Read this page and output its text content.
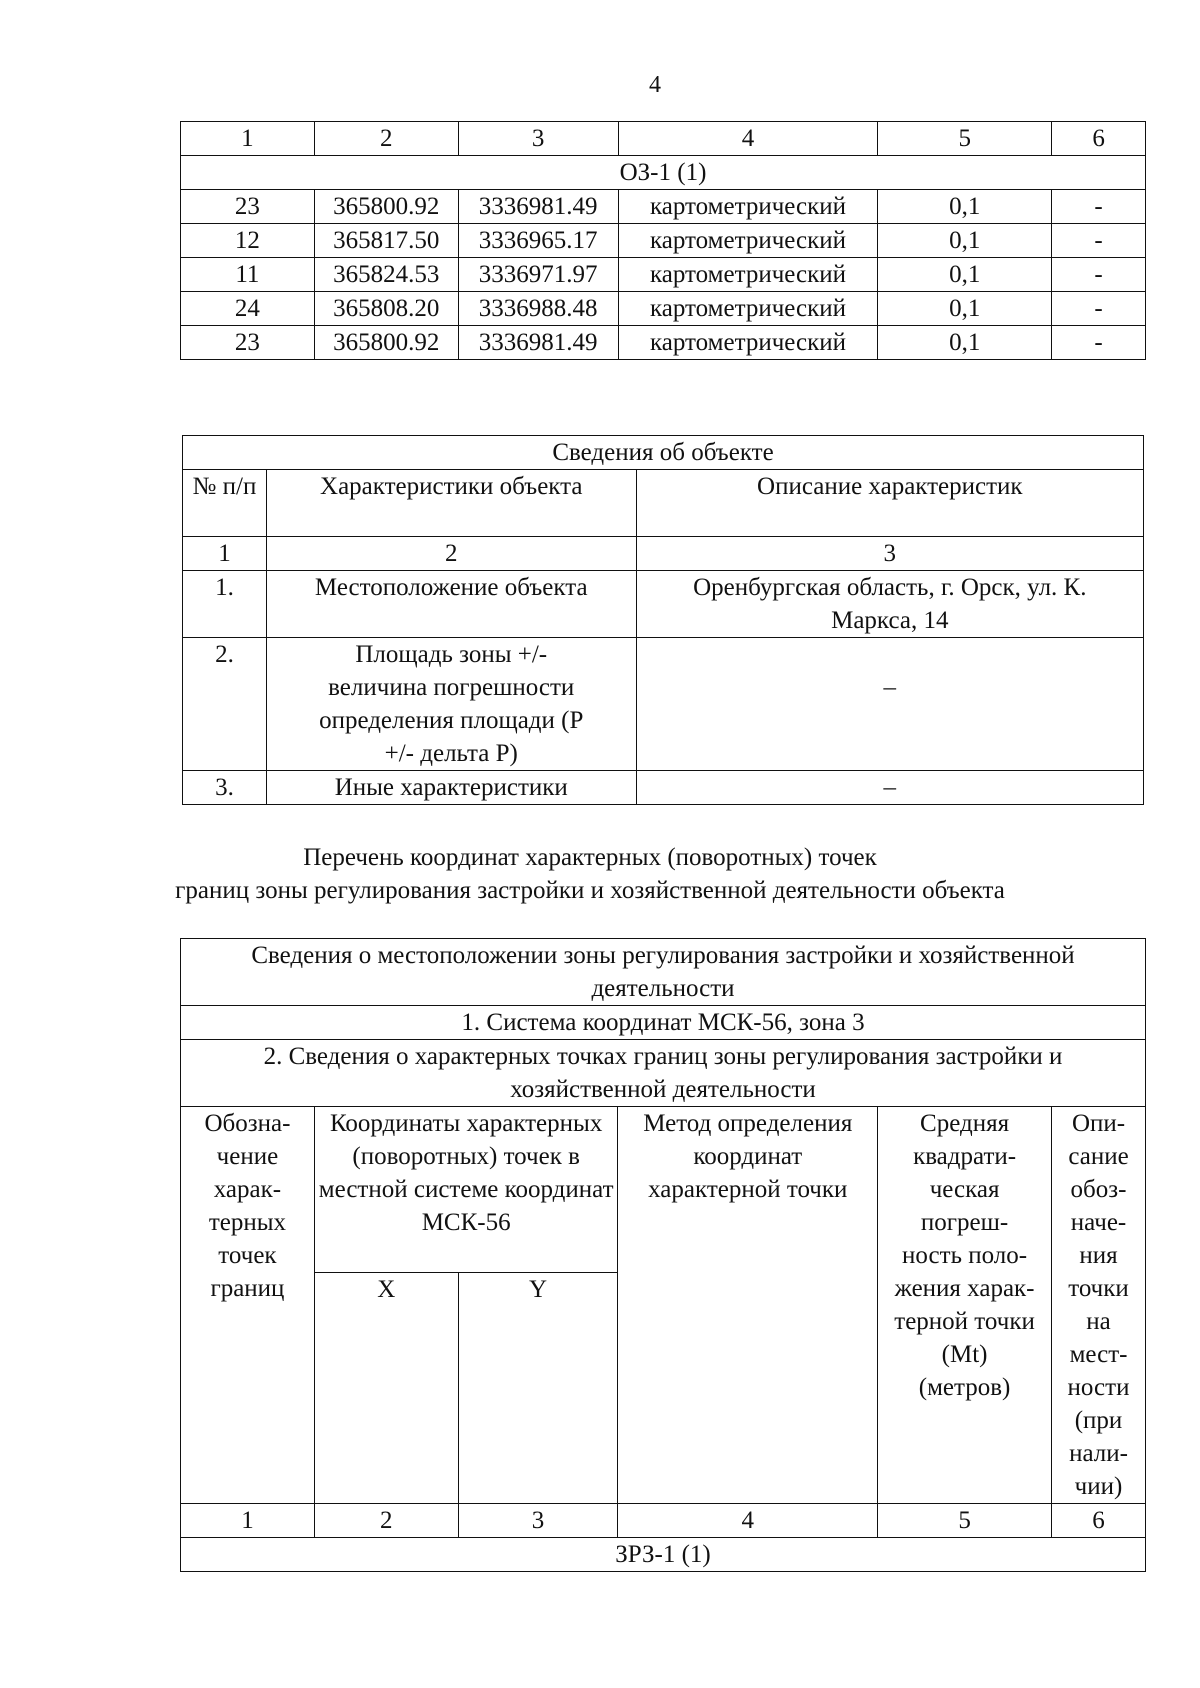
4
1	2	3	4	5	6
ОЗ-1 (1)					
23	365800.92	3336981.49	картометрический	0,1	-
12	365817.50	3336965.17	картометрический	0,1	-
11	365824.53	3336971.97	картометрический	0,1	-
24	365808.20	3336988.48	картометрический	0,1	-
23	365800.92	3336981.49	картометрический	0,1	-
Сведения об объекте		
№ п/п	Характеристики объекта	Описание характеристик
1	2	3
1.	Местоположение объекта	Оренбургская область, г. Орск, ул. К. Маркса, 14
2.	Площадь зоны +/- величина погрешности определения площади (P +/- дельта P)	–
3.	Иные характеристики	–
Перечень координат характерных (поворотных) точек
границ зоны регулирования застройки и хозяйственной деятельности объекта
Сведения о местоположении зоны регулирования застройки и хозяйственной деятельности					
1. Система координат МСК-56, зона 3					
2. Сведения о характерных точках границ зоны регулирования застройки и хозяйственной деятельности					
Обозна-чение харак-терных точек границ	Координаты характерных (поворотных) точек в местной системе координат МСК-56		Метод определения координат характерной точки	Средняя квадрати-ческая погреш-ность поло-жения харак-терной точки (Mt) (метров)	Опи-сание обоз-наче-ния точки на мест-ности (при нали-чии)
	X	Y			
1	2	3	4	5	6
ЗРЗ-1 (1)					
